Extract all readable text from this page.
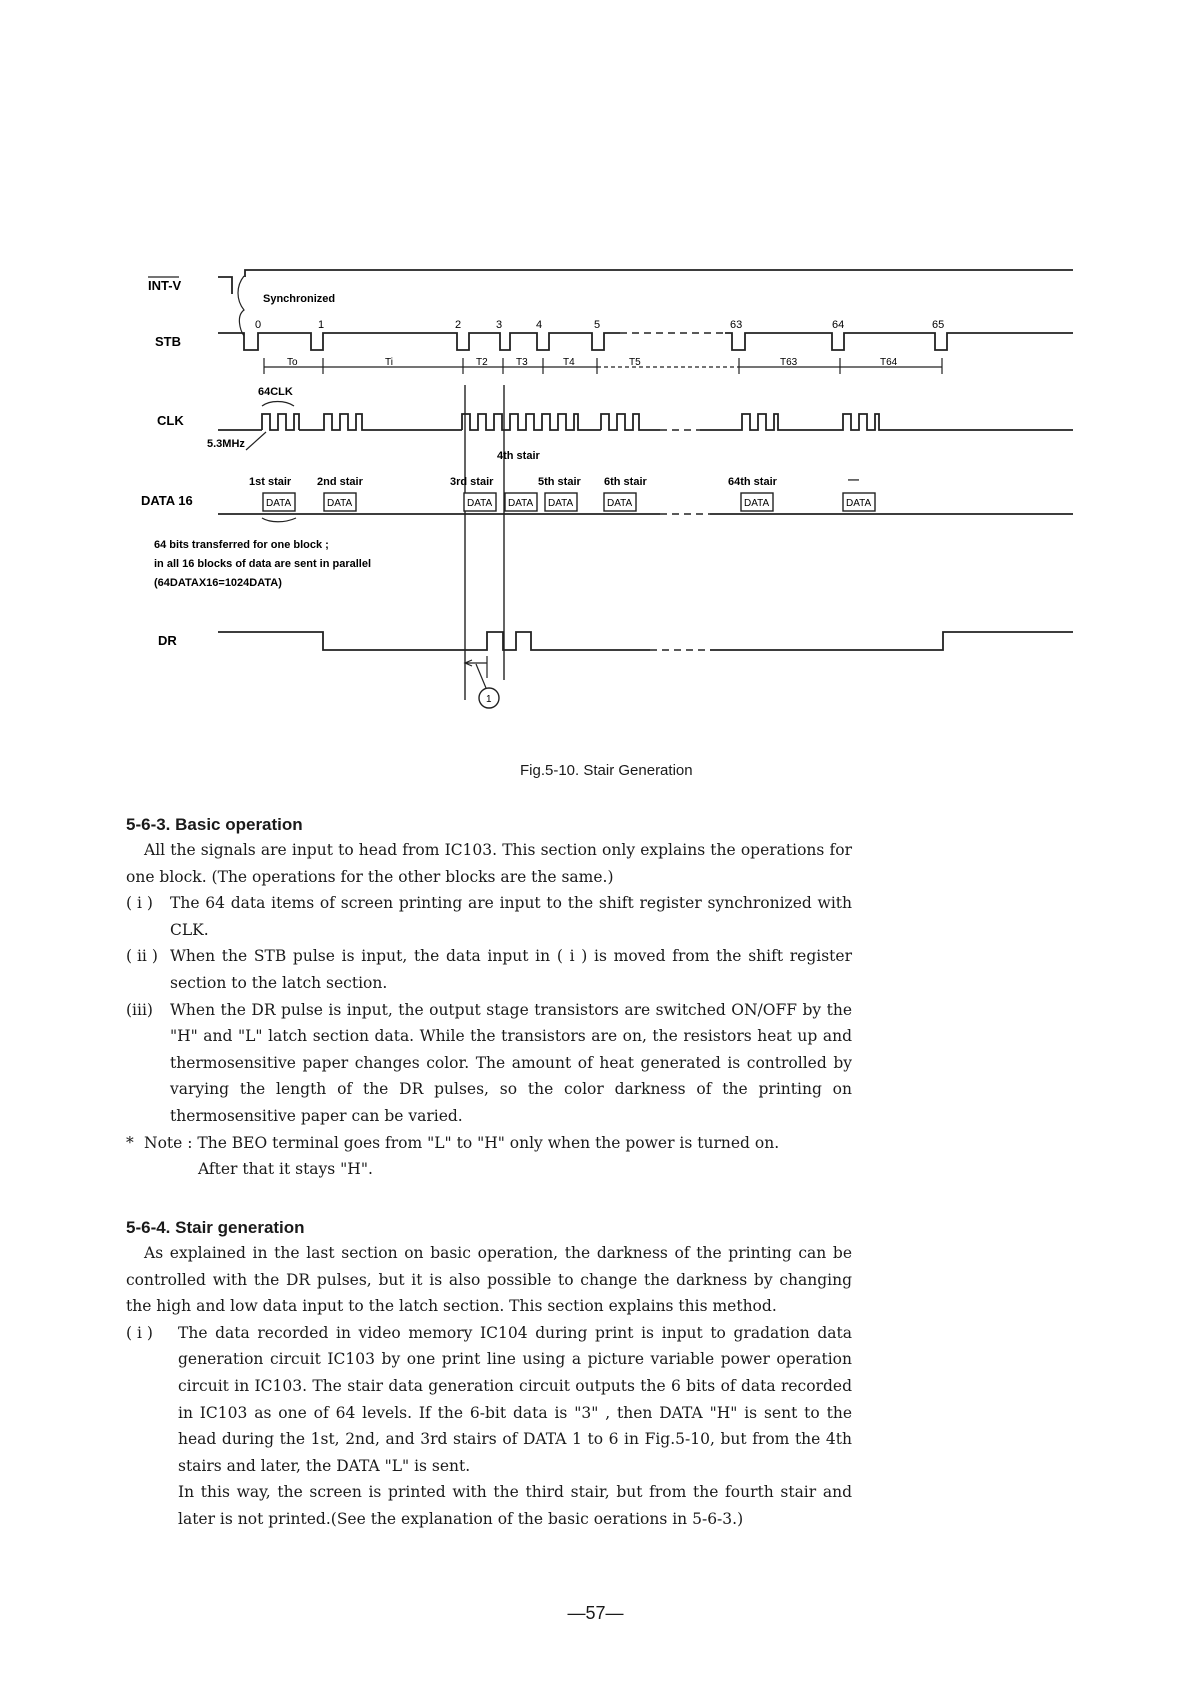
INT-V
STB
CLK
DATA 16
DR
Synchronized
0	1	2	3	4	5	63	64	65
To	Ti	T2	T3	T4	T5	T63	T64
64CLK
5.3MHz
4th stair
1st stair 2nd stair	3rd stair	5th stair 6th stair	64th stair	—
DATA	DATA	DATA DATA DATA	DATA	DATA	DATA
64 bits transferred for one block ;
in all 16 blocks of data are sent in parallel
(64DATAX16=1024DATA)
1
Fig.5-10. Stair Generation
5-6-3. Basic operation

All the signals are input to head from IC103. This section only explains the operations for one block. (The operations for the other blocks are the same.)

( i ) The 64 data items of screen printing are input to the shift register synchronized with CLK.
( ii ) When the STB pulse is input, the data input in ( i ) is moved from the shift register section to the latch section.
(iii) When the DR pulse is input, the output stage transistors are switched ON/OFF by the "H" and "L" latch section data. While the transistors are on, the resistors heat up and thermosensitive paper changes color. The amount of heat generated is controlled by varying the length of the DR pulses, so the color darkness of the printing on thermosensitive paper can be varied.
* Note : The BEO terminal goes from "L" to "H" only when the power is turned on.
After that it stays "H".
5-6-4. Stair generation

As explained in the last section on basic operation, the darkness of the printing can be controlled with the DR pulses, but it is also possible to change the darkness by changing the high and low data input to the latch section. This section explains this method.

( i ) The data recorded in video memory IC104 during print is input to gradation data generation circuit IC103 by one print line using a picture variable power operation circuit in IC103. The stair data generation circuit outputs the 6 bits of data recorded in IC103 as one of 64 levels. If the 6-bit data is "3" , then DATA "H" is sent to the head during the 1st, 2nd, and 3rd stairs of DATA 1 to 6 in Fig.5-10, but from the 4th stairs and later, the DATA "L" is sent.
In this way, the screen is printed with the third stair, but from the fourth stair and later is not printed.(See the explanation of the basic oerations in 5-6-3.)
—57—
